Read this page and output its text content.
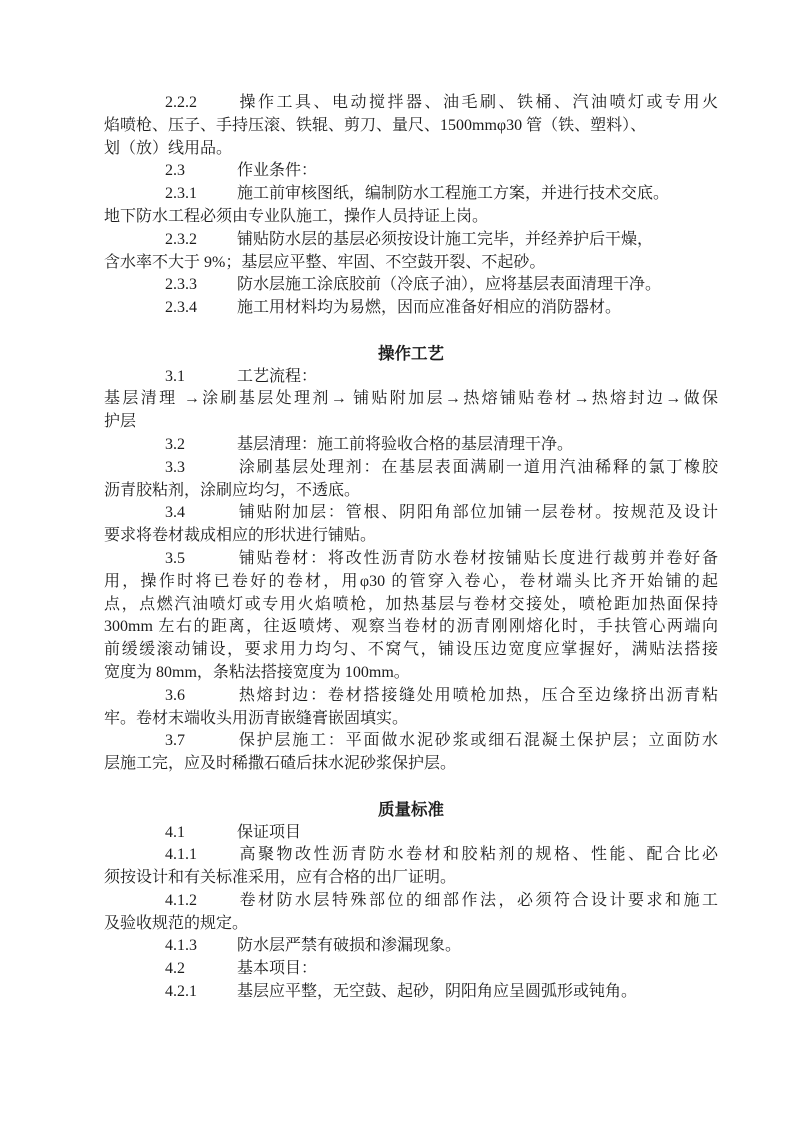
2.2.2	操作工具、电动搅拌器、油毛刷、铁桶、汽油喷灯或专用火
焰喷枪、压子、手持压滚、铁辊、剪刀、量尺、1500mmφ30 管（铁、塑料）、
划（放）线用品。
2.3	作业条件：
2.3.1	施工前审核图纸，编制防水工程施工方案，并进行技术交底。
地下防水工程必须由专业队施工，操作人员持证上岗。
2.3.2	铺贴防水层的基层必须按设计施工完毕，并经养护后干燥，
含水率不大于 9%；基层应平整、牢固、不空鼓开裂、不起砂。
2.3.3	防水层施工涂底胶前（冷底子油），应将基层表面清理干净。
2.3.4	施工用材料均为易燃，因而应准备好相应的消防器材。
操作工艺
3.1	工艺流程：
基层清理 →涂刷基层处理剂→ 铺贴附加层→热熔铺贴卷材→热熔封边→做保
护层
3.2	基层清理：施工前将验收合格的基层清理干净。
3.3	涂刷基层处理剂：在基层表面满刷一道用汽油稀释的氯丁橡胶
沥青胶粘剂，涂刷应均匀，不透底。
3.4	铺贴附加层：管根、阴阳角部位加铺一层卷材。按规范及设计
要求将卷材裁成相应的形状进行铺贴。
3.5	铺贴卷材：将改性沥青防水卷材按铺贴长度进行裁剪并卷好备
用，操作时将已卷好的卷材，用φ30 的管穿入卷心，卷材端头比齐开始铺的起
点，点燃汽油喷灯或专用火焰喷枪，加热基层与卷材交接处，喷枪距加热面保持
300mm 左右的距离，往返喷烤、观察当卷材的沥青刚刚熔化时，手扶管心两端向
前缓缓滚动铺设，要求用力均匀、不窝气，铺设压边宽度应掌握好，满贴法搭接
宽度为 80mm，条粘法搭接宽度为 100mm。
3.6	热熔封边：卷材搭接缝处用喷枪加热，压合至边缘挤出沥青粘
牢。卷材末端收头用沥青嵌缝膏嵌固填实。
3.7	保护层施工：平面做水泥砂浆或细石混凝土保护层；立面防水
层施工完，应及时稀撒石碴后抹水泥砂浆保护层。
质量标准
4.1	保证项目
4.1.1	高聚物改性沥青防水卷材和胶粘剂的规格、性能、配合比必
须按设计和有关标准采用，应有合格的出厂证明。
4.1.2	卷材防水层特殊部位的细部作法，必须符合设计要求和施工
及验收规范的规定。
4.1.3	防水层严禁有破损和渗漏现象。
4.2	基本项目：
4.2.1	基层应平整，无空鼓、起砂，阴阳角应呈圆弧形或钝角。
